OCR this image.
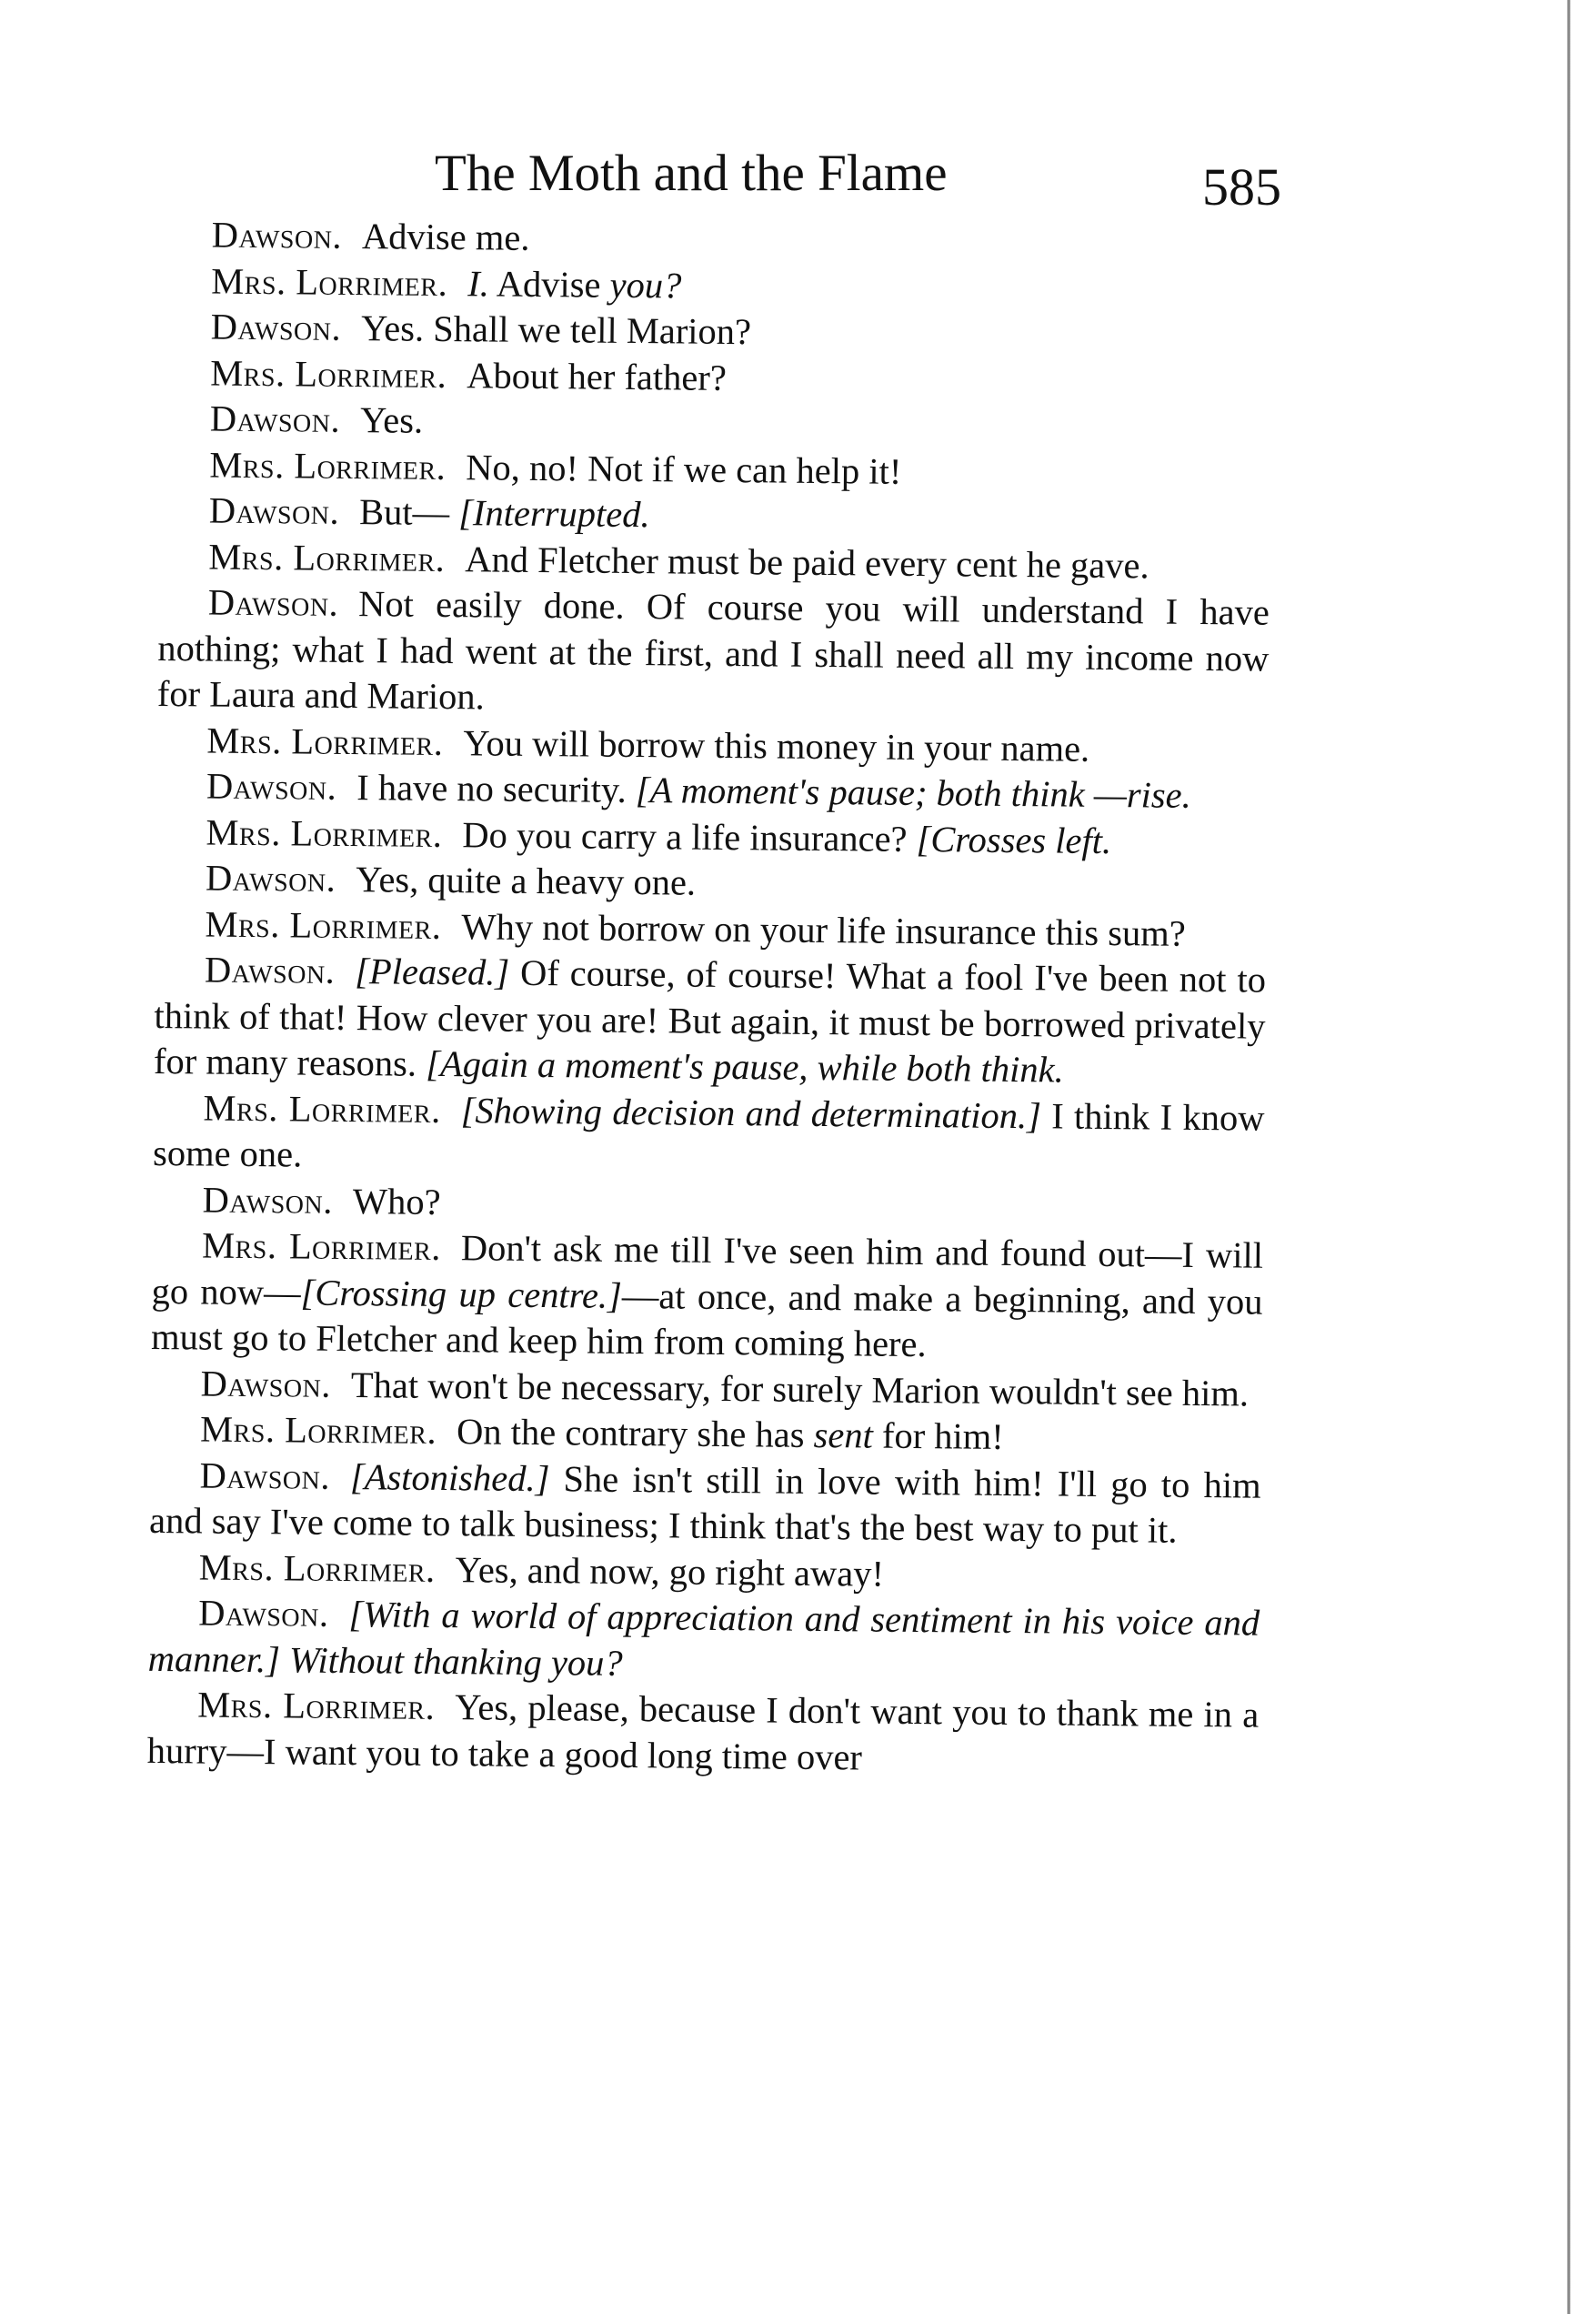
The Moth and the Flame	585

Dawson. Advise me.

Mrs. Lorrimer. I. Advise you?

Dawson. Yes. Shall we tell Marion?

Mrs. Lorrimer. About her father?

Dawson. Yes.

Mrs. Lorrimer. No, no! Not if we can help it!

Dawson. But— [Interrupted.

Mrs. Lorrimer. And Fletcher must be paid every cent he gave.

Dawson. Not easily done. Of course you will understand I have nothing; what I had went at the first, and I shall need all my income now for Laura and Marion.

Mrs. Lorrimer. You will borrow this money in your name.

Dawson. I have no security. [A moment's pause; both think —rise.

Mrs. Lorrimer. Do you carry a life insurance? [Crosses left.

Dawson. Yes, quite a heavy one.

Mrs. Lorrimer. Why not borrow on your life insurance this sum?

Dawson. [Pleased.] Of course, of course! What a fool I've been not to think of that! How clever you are! But again, it must be borrowed privately for many reasons. [Again a moment's pause, while both think.

Mrs. Lorrimer. [Showing decision and determination.] I think I know some one.

Dawson. Who?

Mrs. Lorrimer. Don't ask me till I've seen him and found out—I will go now—[Crossing up centre.]—at once, and make a beginning, and you must go to Fletcher and keep him from coming here.

Dawson. That won't be necessary, for surely Marion wouldn't see him.

Mrs. Lorrimer. On the contrary she has sent for him!

Dawson. [Astonished.] She isn't still in love with him! I'll go to him and say I've come to talk business; I think that's the best way to put it.

Mrs. Lorrimer. Yes, and now, go right away!

Dawson. [With a world of appreciation and sentiment in his voice and manner.] Without thanking you?

Mrs. Lorrimer. Yes, please, because I don't want you to thank me in a hurry—I want you to take a good long time over
